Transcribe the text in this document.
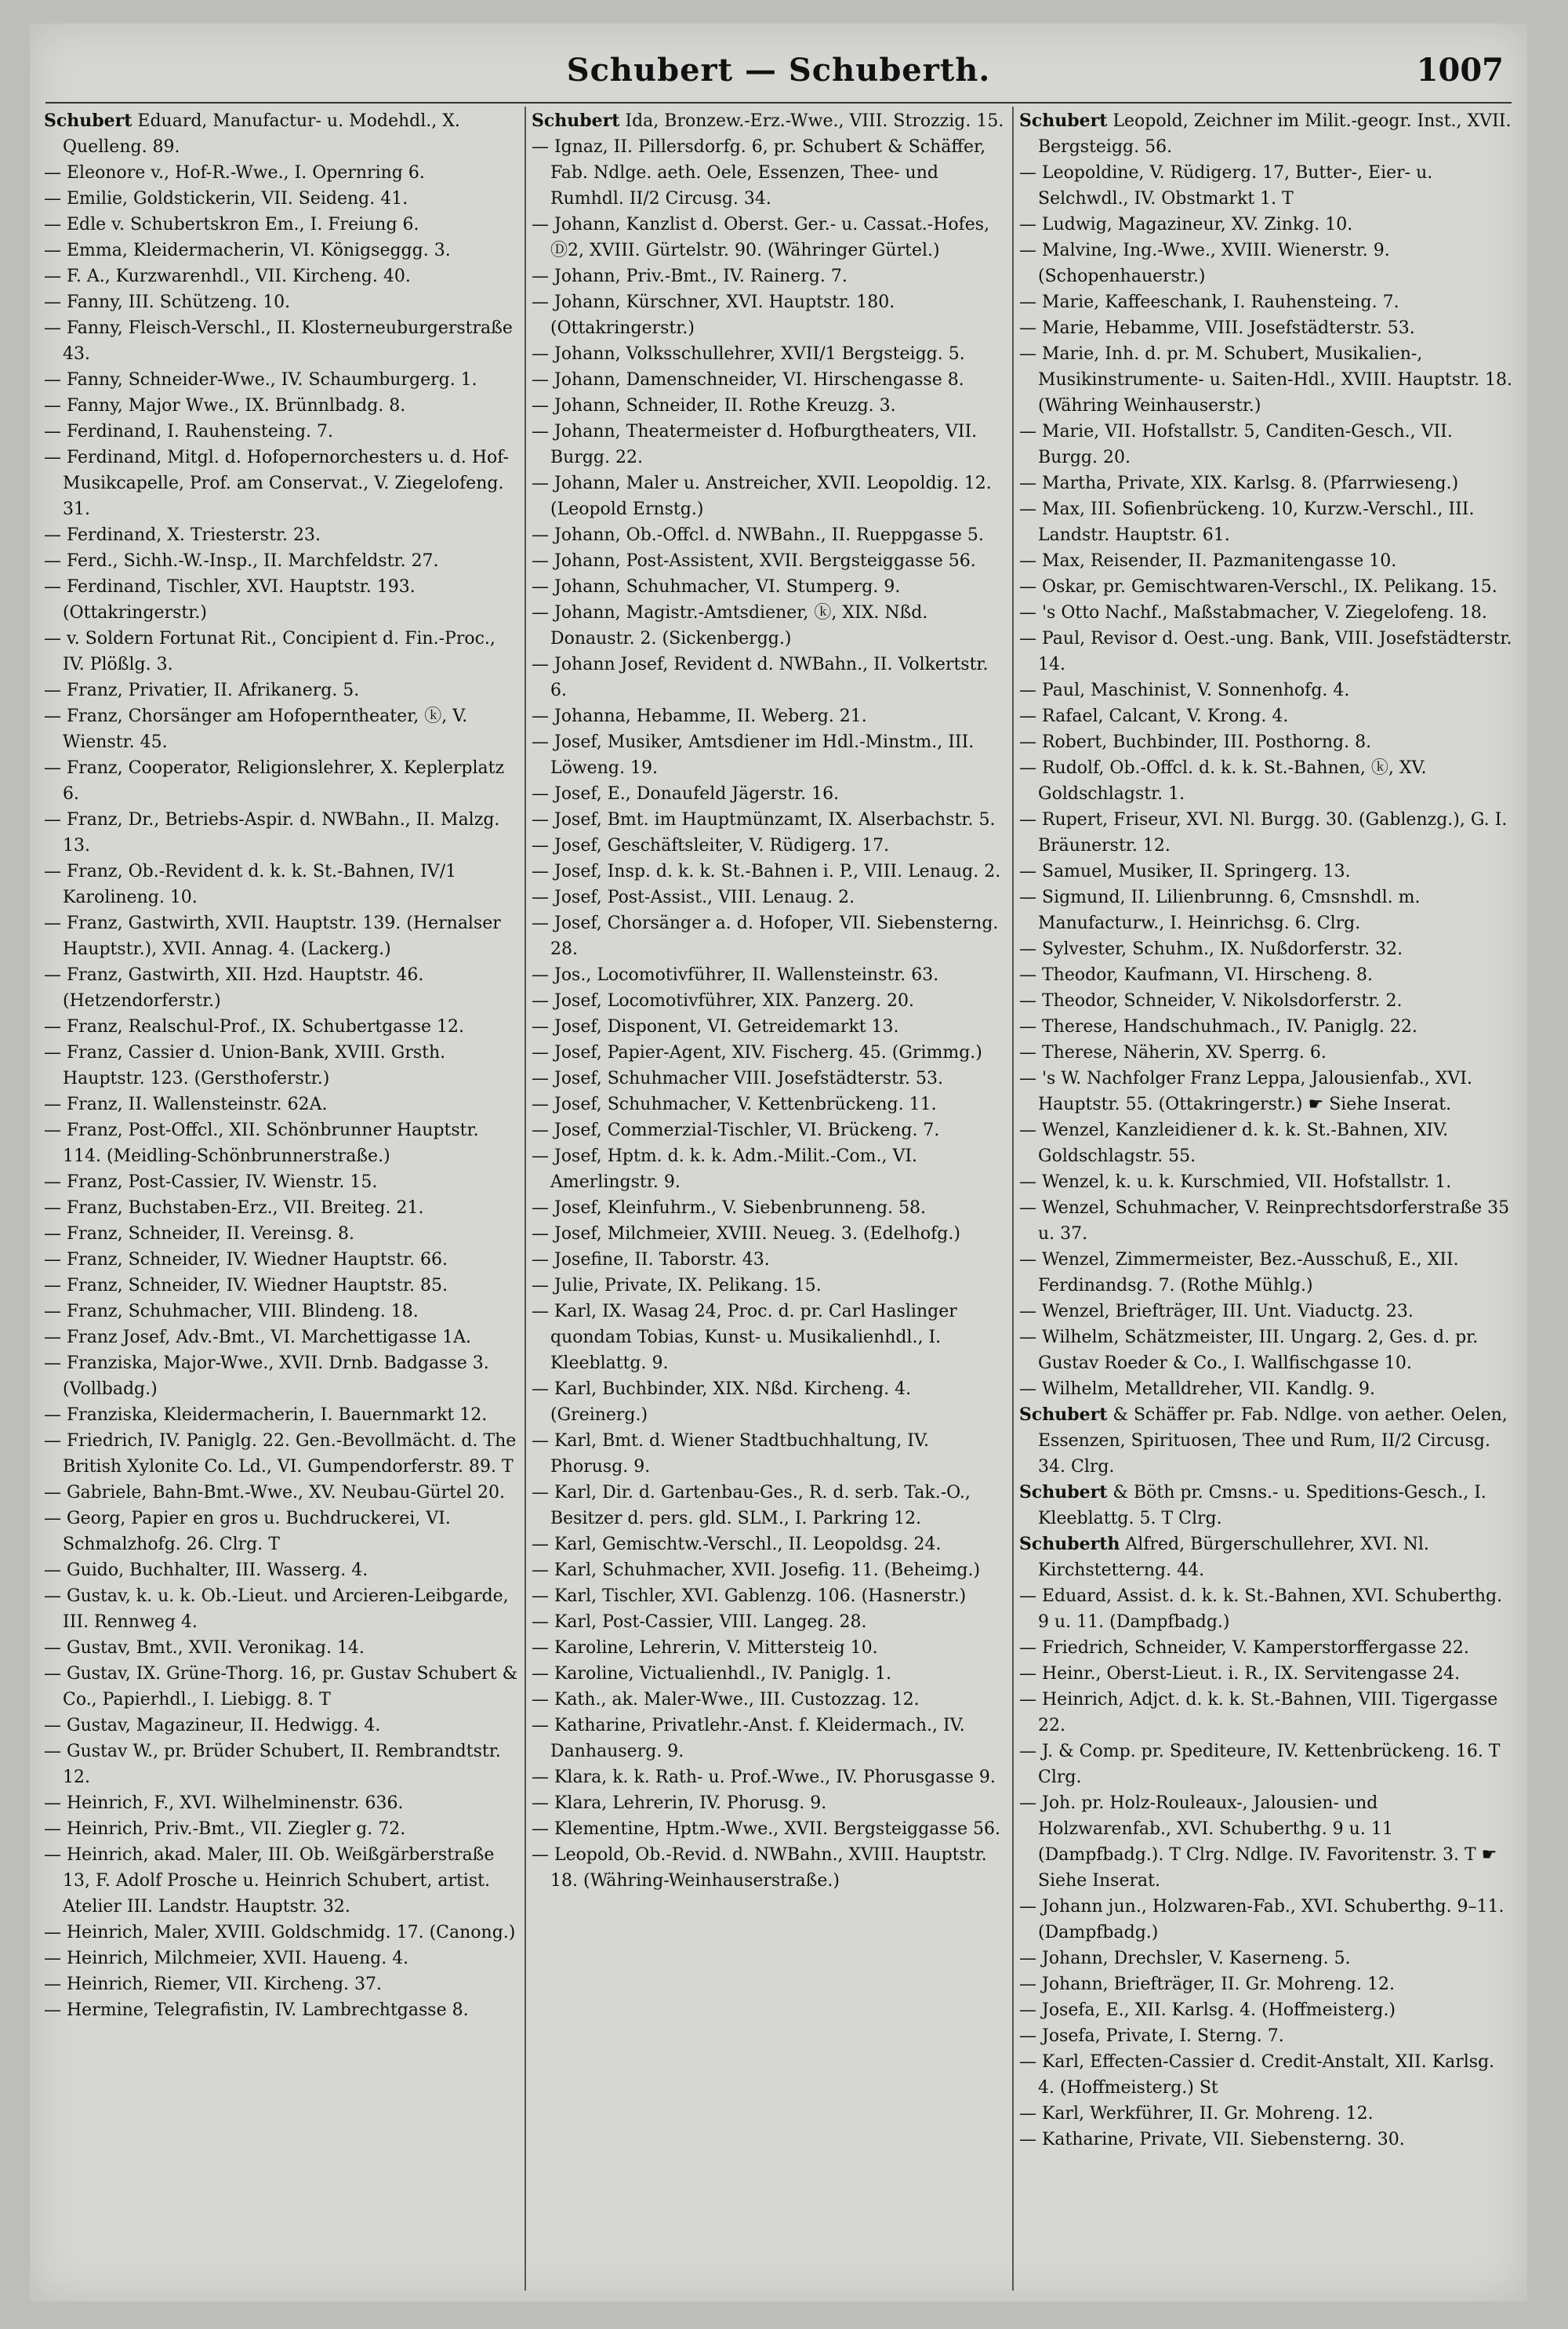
Schubert — Schuberth.	1007

Schubert Eduard, Manufactur- u. Modehdl., X. Quelleng. 89.

— Eleonore v., Hof-R.-Wwe., I. Opernring 6.

— Emilie, Goldstickerin, VII. Seideng. 41.

— Edle v. Schubertskron Em., I. Freiung 6.

— Emma, Kleidermacherin, VI. Königseggg. 3.

— F. A., Kurzwarenhdl., VII. Kircheng. 40.

— Fanny, III. Schützeng. 10.

— Fanny, Fleisch-Verschl., II. Klosterneuburgerstraße 43.

— Fanny, Schneider-Wwe., IV. Schaumburgerg. 1.

— Fanny, Major Wwe., IX. Brünnlbadg. 8.

— Ferdinand, I. Rauhensteing. 7.

— Ferdinand, Mitgl. d. Hofopernorchesters u. d. Hof-Musikcapelle, Prof. am Conservat., V. Ziegelofeng. 31.

— Ferdinand, X. Triesterstr. 23.

— Ferd., Sichh.-W.-Insp., II. Marchfeldstr. 27.

— Ferdinand, Tischler, XVI. Hauptstr. 193. (Ottakringerstr.)

— v. Soldern Fortunat Rit., Concipient d. Fin.-Proc., IV. Plößlg. 3.

— Franz, Privatier, II. Afrikanerg. 5.

— Franz, Chorsänger am Hofoperntheater, ⓚ, V. Wienstr. 45.

— Franz, Cooperator, Religionslehrer, X. Keplerplatz 6.

— Franz, Dr., Betriebs-Aspir. d. NWBahn., II. Malzg. 13.

— Franz, Ob.-Revident d. k. k. St.-Bahnen, IV/1 Karolineng. 10.

— Franz, Gastwirth, XVII. Hauptstr. 139. (Hernalser Hauptstr.), XVII. Annag. 4. (Lackerg.)

— Franz, Gastwirth, XII. Hzd. Hauptstr. 46. (Hetzendorferstr.)

— Franz, Realschul-Prof., IX. Schubertgasse 12.

— Franz, Cassier d. Union-Bank, XVIII. Grsth. Hauptstr. 123. (Gersthoferstr.)

— Franz, II. Wallensteinstr. 62A.

— Franz, Post-Offcl., XII. Schönbrunner Hauptstr. 114. (Meidling-Schönbrunnerstraße.)

— Franz, Post-Cassier, IV. Wienstr. 15.

— Franz, Buchstaben-Erz., VII. Breiteg. 21.

— Franz, Schneider, II. Vereinsg. 8.

— Franz, Schneider, IV. Wiedner Hauptstr. 66.

— Franz, Schneider, IV. Wiedner Hauptstr. 85.

— Franz, Schuhmacher, VIII. Blindeng. 18.

— Franz Josef, Adv.-Bmt., VI. Marchettigasse 1A.

— Franziska, Major-Wwe., XVII. Drnb. Badgasse 3. (Vollbadg.)

— Franziska, Kleidermacherin, I. Bauernmarkt 12.

— Friedrich, IV. Paniglg. 22. Gen.-Bevollmächt. d. The British Xylonite Co. Ld., VI. Gumpendorferstr. 89. T

— Gabriele, Bahn-Bmt.-Wwe., XV. Neubau-Gürtel 20.

— Georg, Papier en gros u. Buchdruckerei, VI. Schmalzhofg. 26. Clrg. T

— Guido, Buchhalter, III. Wasserg. 4.

— Gustav, k. u. k. Ob.-Lieut. und Arcieren-Leibgarde, III. Rennweg 4.

— Gustav, Bmt., XVII. Veronikag. 14.

— Gustav, IX. Grüne-Thorg. 16, pr. Gustav Schubert & Co., Papierhdl., I. Liebigg. 8. T

— Gustav, Magazineur, II. Hedwigg. 4.

— Gustav W., pr. Brüder Schubert, II. Rembrandtstr. 12.

— Heinrich, F., XVI. Wilhelminenstr. 636.

— Heinrich, Priv.-Bmt., VII. Ziegler g. 72.

— Heinrich, akad. Maler, III. Ob. Weißgärberstraße 13, F. Adolf Prosche u. Heinrich Schubert, artist. Atelier III. Landstr. Hauptstr. 32.

— Heinrich, Maler, XVIII. Goldschmidg. 17. (Canong.)

— Heinrich, Milchmeier, XVII. Haueng. 4.

— Heinrich, Riemer, VII. Kircheng. 37.

— Hermine, Telegrafistin, IV. Lambrechtgasse 8.

Schubert Ida, Bronzew.-Erz.-Wwe., VIII. Strozzig. 15.

— Ignaz, II. Pillersdorfg. 6, pr. Schubert & Schäffer, Fab. Ndlge. aeth. Oele, Essenzen, Thee- und Rumhdl. II/2 Circusg. 34.

— Johann, Kanzlist d. Oberst. Ger.- u. Cassat.-Hofes, Ⓓ2, XVIII. Gürtelstr. 90. (Währinger Gürtel.)

— Johann, Priv.-Bmt., IV. Rainerg. 7.

— Johann, Kürschner, XVI. Hauptstr. 180. (Ottakringerstr.)

— Johann, Volksschullehrer, XVII/1 Bergsteigg. 5.

— Johann, Damenschneider, VI. Hirschengasse 8.

— Johann, Schneider, II. Rothe Kreuzg. 3.

— Johann, Theatermeister d. Hofburgtheaters, VII. Burgg. 22.

— Johann, Maler u. Anstreicher, XVII. Leopoldig. 12. (Leopold Ernstg.)

— Johann, Ob.-Offcl. d. NWBahn., II. Rueppgasse 5.

— Johann, Post-Assistent, XVII. Bergsteiggasse 56.

— Johann, Schuhmacher, VI. Stumperg. 9.

— Johann, Magistr.-Amtsdiener, ⓚ, XIX. Nßd. Donaustr. 2. (Sickenbergg.)

— Johann Josef, Revident d. NWBahn., II. Volkertstr. 6.

— Johanna, Hebamme, II. Weberg. 21.

— Josef, Musiker, Amtsdiener im Hdl.-Minstm., III. Löweng. 19.

— Josef, E., Donaufeld Jägerstr. 16.

— Josef, Bmt. im Hauptmünzamt, IX. Alserbachstr. 5.

— Josef, Geschäftsleiter, V. Rüdigerg. 17.

— Josef, Insp. d. k. k. St.-Bahnen i. P., VIII. Lenaug. 2.

— Josef, Post-Assist., VIII. Lenaug. 2.

— Josef, Chorsänger a. d. Hofoper, VII. Siebensterng. 28.

— Jos., Locomotivführer, II. Wallensteinstr. 63.

— Josef, Locomotivführer, XIX. Panzerg. 20.

— Josef, Disponent, VI. Getreidemarkt 13.

— Josef, Papier-Agent, XIV. Fischerg. 45. (Grimmg.)

— Josef, Schuhmacher VIII. Josefstädterstr. 53.

— Josef, Schuhmacher, V. Kettenbrückeng. 11.

— Josef, Commerzial-Tischler, VI. Brückeng. 7.

— Josef, Hptm. d. k. k. Adm.-Milit.-Com., VI. Amerlingstr. 9.

— Josef, Kleinfuhrm., V. Siebenbrunneng. 58.

— Josef, Milchmeier, XVIII. Neueg. 3. (Edelhofg.)

— Josefine, II. Taborstr. 43.

— Julie, Private, IX. Pelikang. 15.

— Karl, IX. Wasag 24, Proc. d. pr. Carl Haslinger quondam Tobias, Kunst- u. Musikalienhdl., I. Kleeblattg. 9.

— Karl, Buchbinder, XIX. Nßd. Kircheng. 4. (Greinerg.)

— Karl, Bmt. d. Wiener Stadtbuchhaltung, IV. Phorusg. 9.

— Karl, Dir. d. Gartenbau-Ges., R. d. serb. Tak.-O., Besitzer d. pers. gld. SLM., I. Parkring 12.

— Karl, Gemischtw.-Verschl., II. Leopoldsg. 24.

— Karl, Schuhmacher, XVII. Josefig. 11. (Beheimg.)

— Karl, Tischler, XVI. Gablenzg. 106. (Hasnerstr.)

— Karl, Post-Cassier, VIII. Langeg. 28.

— Karoline, Lehrerin, V. Mittersteig 10.

— Karoline, Victualienhdl., IV. Paniglg. 1.

— Kath., ak. Maler-Wwe., III. Custozzag. 12.

— Katharine, Privatlehr.-Anst. f. Kleidermach., IV. Danhauserg. 9.

— Klara, k. k. Rath- u. Prof.-Wwe., IV. Phorusgasse 9.

— Klara, Lehrerin, IV. Phorusg. 9.

— Klementine, Hptm.-Wwe., XVII. Bergsteiggasse 56.

— Leopold, Ob.-Revid. d. NWBahn., XVIII. Hauptstr. 18. (Währing-Weinhauserstraße.)

Schubert Leopold, Zeichner im Milit.-geogr. Inst., XVII. Bergsteigg. 56.

— Leopoldine, V. Rüdigerg. 17, Butter-, Eier- u. Selchwdl., IV. Obstmarkt 1. T

— Ludwig, Magazineur, XV. Zinkg. 10.

— Malvine, Ing.-Wwe., XVIII. Wienerstr. 9. (Schopenhauerstr.)

— Marie, Kaffeeschank, I. Rauhensteing. 7.

— Marie, Hebamme, VIII. Josefstädterstr. 53.

— Marie, Inh. d. pr. M. Schubert, Musikalien-, Musikinstrumente- u. Saiten-Hdl., XVIII. Hauptstr. 18. (Währing Weinhauserstr.)

— Marie, VII. Hofstallstr. 5, Canditen-Gesch., VII. Burgg. 20.

— Martha, Private, XIX. Karlsg. 8. (Pfarrwieseng.)

— Max, III. Sofienbrückeng. 10, Kurzw.-Verschl., III. Landstr. Hauptstr. 61.

— Max, Reisender, II. Pazmanitengasse 10.

— Oskar, pr. Gemischtwaren-Verschl., IX. Pelikang. 15.

— 's Otto Nachf., Maßstabmacher, V. Ziegelofeng. 18.

— Paul, Revisor d. Oest.-ung. Bank, VIII. Josefstädterstr. 14.

— Paul, Maschinist, V. Sonnenhofg. 4.

— Rafael, Calcant, V. Krong. 4.

— Robert, Buchbinder, III. Posthorng. 8.

— Rudolf, Ob.-Offcl. d. k. k. St.-Bahnen, ⓚ, XV. Goldschlagstr. 1.

— Rupert, Friseur, XVI. Nl. Burgg. 30. (Gablenzg.), G. I. Bräunerstr. 12.

— Samuel, Musiker, II. Springerg. 13.

— Sigmund, II. Lilienbrunng. 6, Cmsnshdl. m. Manufacturw., I. Heinrichsg. 6. Clrg.

— Sylvester, Schuhm., IX. Nußdorferstr. 32.

— Theodor, Kaufmann, VI. Hirscheng. 8.

— Theodor, Schneider, V. Nikolsdorferstr. 2.

— Therese, Handschuhmach., IV. Paniglg. 22.

— Therese, Näherin, XV. Sperrg. 6.

— 's W. Nachfolger Franz Leppa, Jalousienfab., XVI. Hauptstr. 55. (Ottakringerstr.) ☛ Siehe Inserat.

— Wenzel, Kanzleidiener d. k. k. St.-Bahnen, XIV. Goldschlagstr. 55.

— Wenzel, k. u. k. Kurschmied, VII. Hofstallstr. 1.

— Wenzel, Schuhmacher, V. Reinprechtsdorferstraße 35 u. 37.

— Wenzel, Zimmermeister, Bez.-Ausschuß, E., XII. Ferdinandsg. 7. (Rothe Mühlg.)

— Wenzel, Briefträger, III. Unt. Viaductg. 23.

— Wilhelm, Schätzmeister, III. Ungarg. 2, Ges. d. pr. Gustav Roeder & Co., I. Wallfischgasse 10.

— Wilhelm, Metalldreher, VII. Kandlg. 9.

Schubert & Schäffer pr. Fab. Ndlge. von aether. Oelen, Essenzen, Spirituosen, Thee und Rum, II/2 Circusg. 34. Clrg.

Schubert & Böth pr. Cmsns.- u. Speditions-Gesch., I. Kleeblattg. 5. T Clrg.

Schuberth Alfred, Bürgerschullehrer, XVI. Nl. Kirchstetterng. 44.

— Eduard, Assist. d. k. k. St.-Bahnen, XVI. Schuberthg. 9 u. 11. (Dampfbadg.)

— Friedrich, Schneider, V. Kamperstorffergasse 22.

— Heinr., Oberst-Lieut. i. R., IX. Servitengasse 24.

— Heinrich, Adjct. d. k. k. St.-Bahnen, VIII. Tigergasse 22.

— J. & Comp. pr. Spediteure, IV. Kettenbrückeng. 16. T Clrg.

— Joh. pr. Holz-Rouleaux-, Jalousien- und Holzwarenfab., XVI. Schuberthg. 9 u. 11 (Dampfbadg.). T Clrg. Ndlge. IV. Favoritenstr. 3. T ☛ Siehe Inserat.

— Johann jun., Holzwaren-Fab., XVI. Schuberthg. 9–11. (Dampfbadg.)

— Johann, Drechsler, V. Kaserneng. 5.

— Johann, Briefträger, II. Gr. Mohreng. 12.

— Josefa, E., XII. Karlsg. 4. (Hoffmeisterg.)

— Josefa, Private, I. Sterng. 7.

— Karl, Effecten-Cassier d. Credit-Anstalt, XII. Karlsg. 4. (Hoffmeisterg.) St

— Karl, Werkführer, II. Gr. Mohreng. 12.

— Katharine, Private, VII. Siebensterng. 30.
